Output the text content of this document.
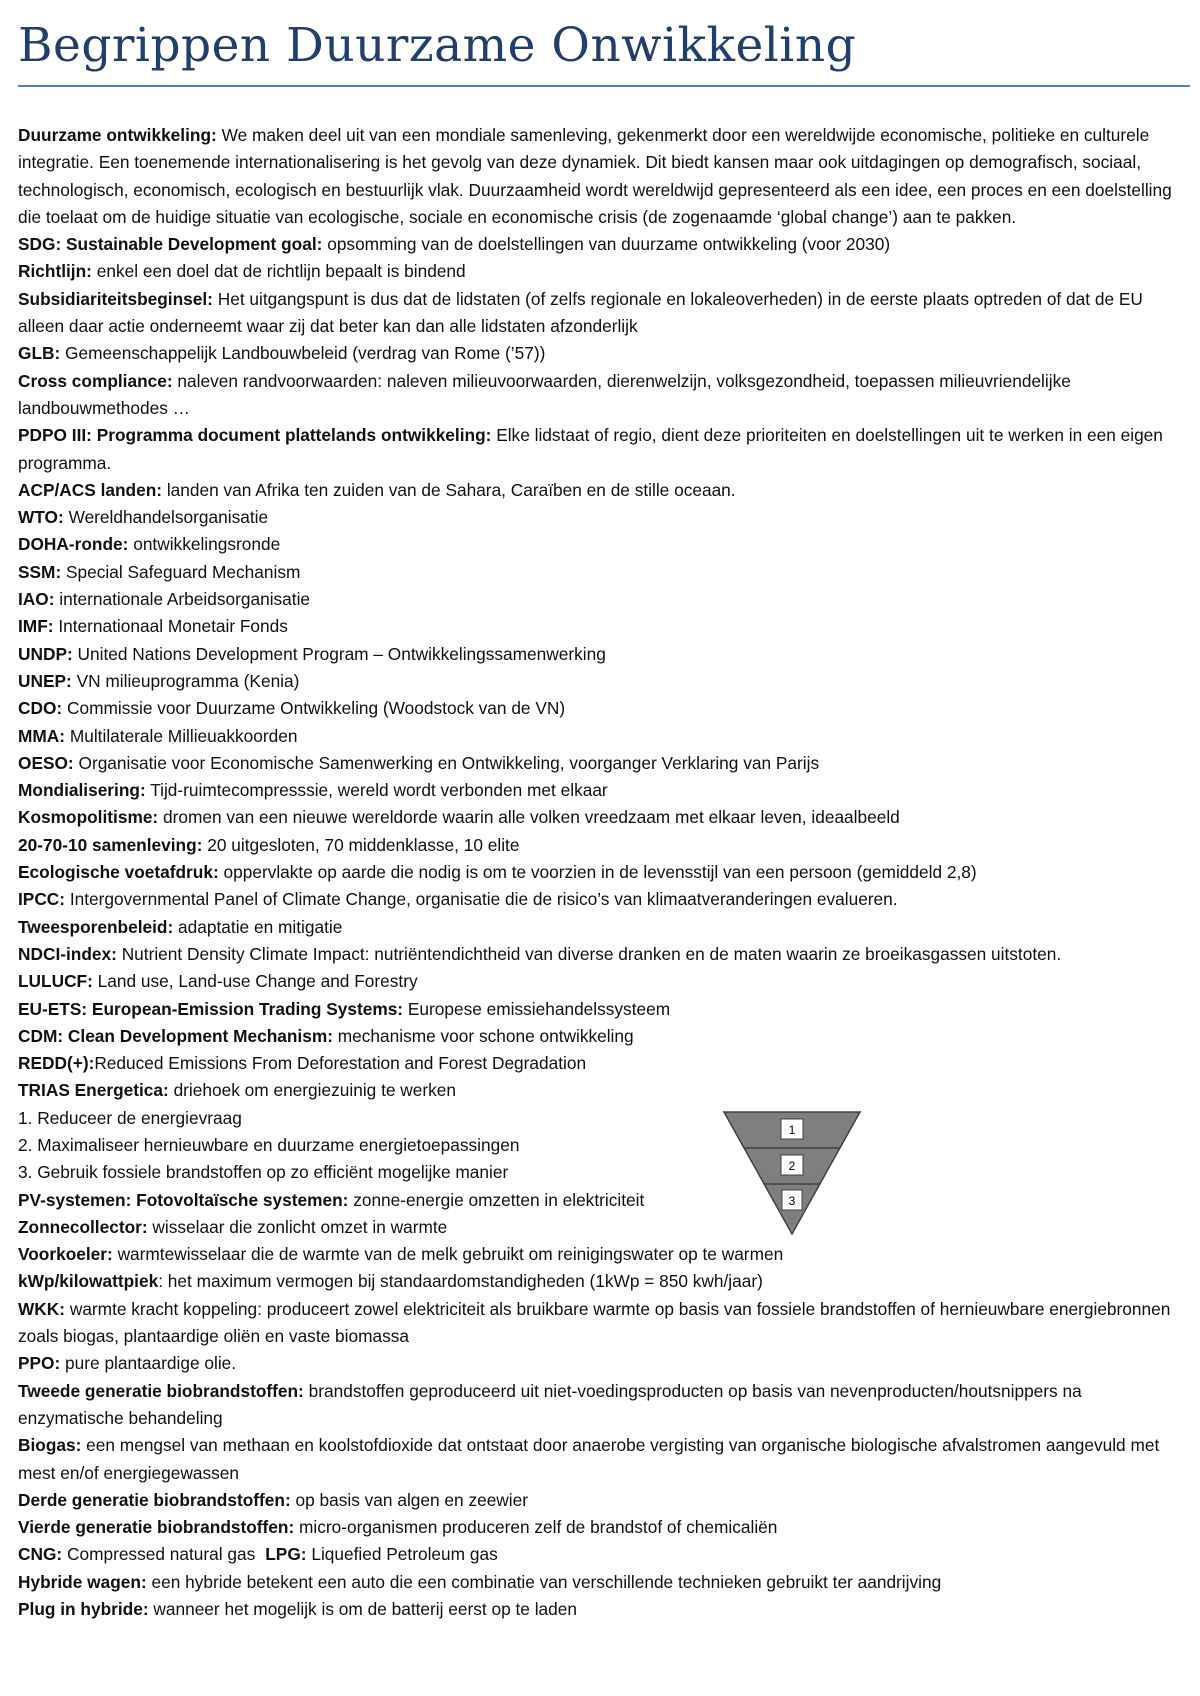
Begrippen Duurzame Onwikkeling

Duurzame ontwikkeling: We maken deel uit van een mondiale samenleving, gekenmerkt door een wereldwijde economische, politieke en culturele integratie. Een toenemende internationalisering is het gevolg van deze dynamiek. Dit biedt kansen maar ook uitdagingen op demografisch, sociaal, technologisch, economisch, ecologisch en bestuurlijk vlak. Duurzaamheid wordt wereldwijd gepresenteerd als een idee, een proces en een doelstelling die toelaat om de huidige situatie van ecologische, sociale en economische crisis (de zogenaamde ‘global change’) aan te pakken.

SDG: Sustainable Development goal: opsomming van de doelstellingen van duurzame ontwikkeling (voor 2030)

Richtlijn: enkel een doel dat de richtlijn bepaalt is bindend

Subsidiariteitsbeginsel: Het uitgangspunt is dus dat de lidstaten (of zelfs regionale en lokaleoverheden) in de eerste plaats optreden of dat de EU alleen daar actie onderneemt waar zij dat beter kan dan alle lidstaten afzonderlijk

GLB: Gemeenschappelijk Landbouwbeleid (verdrag van Rome (’57))

Cross compliance: naleven randvoorwaarden: naleven milieuvoorwaarden, dierenwelzijn, volksgezondheid, toepassen milieuvriendelijke landbouwmethodes …

PDPO III: Programma document plattelands ontwikkeling: Elke lidstaat of regio, dient deze prioriteiten en doelstellingen uit te werken in een eigen programma.

ACP/ACS landen: landen van Afrika ten zuiden van de Sahara, Caraïben en de stille oceaan.

WTO: Wereldhandelsorganisatie

DOHA-ronde: ontwikkelingsronde

SSM: Special Safeguard Mechanism

IAO: internationale Arbeidsorganisatie

IMF: Internationaal Monetair Fonds

UNDP: United Nations Development Program – Ontwikkelingssamenwerking

UNEP: VN milieuprogramma (Kenia)

CDO: Commissie voor Duurzame Ontwikkeling (Woodstock van de VN)

MMA: Multilaterale Millieuakkoorden

OESO: Organisatie voor Economische Samenwerking en Ontwikkeling, voorganger Verklaring van Parijs

Mondialisering: Tijd-ruimtecompresssie, wereld wordt verbonden met elkaar

Kosmopolitisme: dromen van een nieuwe wereldorde waarin alle volken vreedzaam met elkaar leven, ideaalbeeld

20-70-10 samenleving: 20 uitgesloten, 70 middenklasse, 10 elite

Ecologische voetafdruk: oppervlakte op aarde die nodig is om te voorzien in de levensstijl van een persoon (gemiddeld 2,8)

IPCC: Intergovernmental Panel of Climate Change, organisatie die de risico’s van klimaatveranderingen evalueren.

Tweesporenbeleid: adaptatie en mitigatie

NDCI-index: Nutrient Density Climate Impact: nutriëntendichtheid van diverse dranken en de maten waarin ze broeikasgassen uitstoten.

LULUCF: Land use, Land-use Change and Forestry

EU-ETS: European-Emission Trading Systems: Europese emissiehandelssysteem

CDM: Clean Development Mechanism: mechanisme voor schone ontwikkeling

REDD(+):Reduced Emissions From Deforestation and Forest Degradation

TRIAS Energetica: driehoek om energiezuinig te werken

1. Reduceer de energievraag

2. Maximaliseer hernieuwbare en duurzame energietoepassingen

3. Gebruik fossiele brandstoffen op zo efficiënt mogelijke manier

PV-systemen: Fotovoltaïsche systemen: zonne-energie omzetten in elektriciteit

Zonnecollector: wisselaar die zonlicht omzet in warmte

Voorkoeler: warmtewisselaar die de warmte van de melk gebruikt om reinigingswater op te warmen

kWp/kilowattpiek: het maximum vermogen bij standaardomstandigheden (1kWp = 850 kwh/jaar)

WKK: warmte kracht koppeling: produceert zowel elektriciteit als bruikbare warmte op basis van fossiele brandstoffen of hernieuwbare energiebronnen zoals biogas, plantaardige oliën en vaste biomassa

PPO: pure plantaardige olie.

Tweede generatie biobrandstoffen: brandstoffen geproduceerd uit niet-voedingsproducten op basis van nevenproducten/houtsnippers na enzymatische behandeling

Biogas: een mengsel van methaan en koolstofdioxide dat ontstaat door anaerobe vergisting van organische biologische afvalstromen aangevuld met mest en/of energiegewassen

Derde generatie biobrandstoffen: op basis van algen en zeewier

Vierde generatie biobrandstoffen: micro-organismen produceren zelf de brandstof of chemicaliën

CNG: Compressed natural gas LPG: Liquefied Petroleum gas

Hybride wagen: een hybride betekent een auto die een combinatie van verschillende technieken gebruikt ter aandrijving

Plug in hybride: wanneer het mogelijk is om de batterij eerst op te laden

1
2
3
